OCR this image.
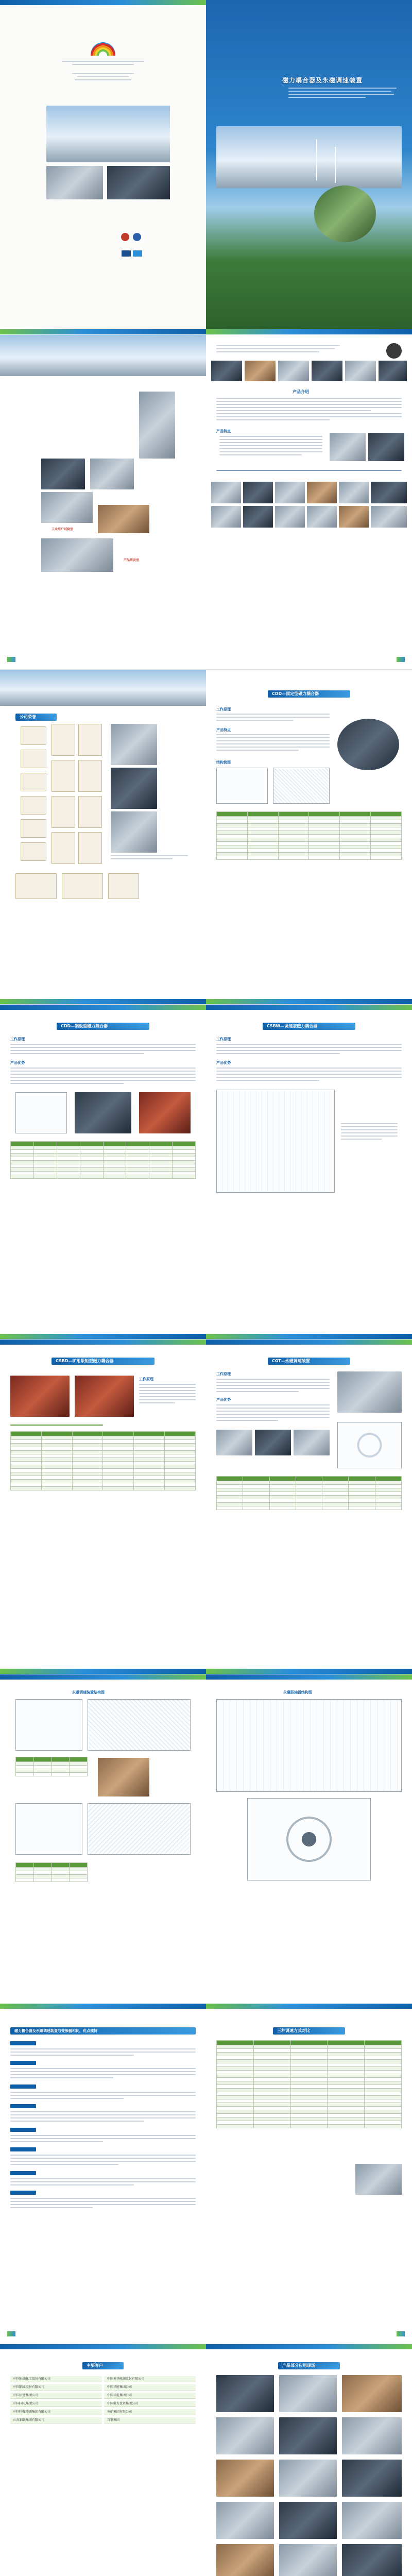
磁力耦合器及永磁调速装置
工业用户试验室
产品研发室
产品介绍
产品特点
公司荣誉
CDD—固定型磁力耦合器
工作原理
产品特点
结构简图

CDD—钢板型磁力耦合器
工作原理
产品优势

CSBW—调速型磁力耦合器
工作原理
产品优势
CSBD—矿用限矩型磁力耦合器
工作原理

CGT—永磁调速装置
工作原理
产品优势

永磁调速装置结构图

				永磁联轴器结构图
磁力耦合器及永磁调速装置与变频器相比，优点独特	三种调速方式对比

主要客户
中国石油化工股份有限公司	中国神华能源股份有限公司
中国铝业股份有限公司	中国华能集团公司
中国大唐集团公司	中国华电集团公司
中国国电集团公司	中国电力投资集团公司
中国中煤能源集团有限公司	兖矿集团有限公司
山东钢铁集团有限公司	首钢集团
产品部分应用现场
